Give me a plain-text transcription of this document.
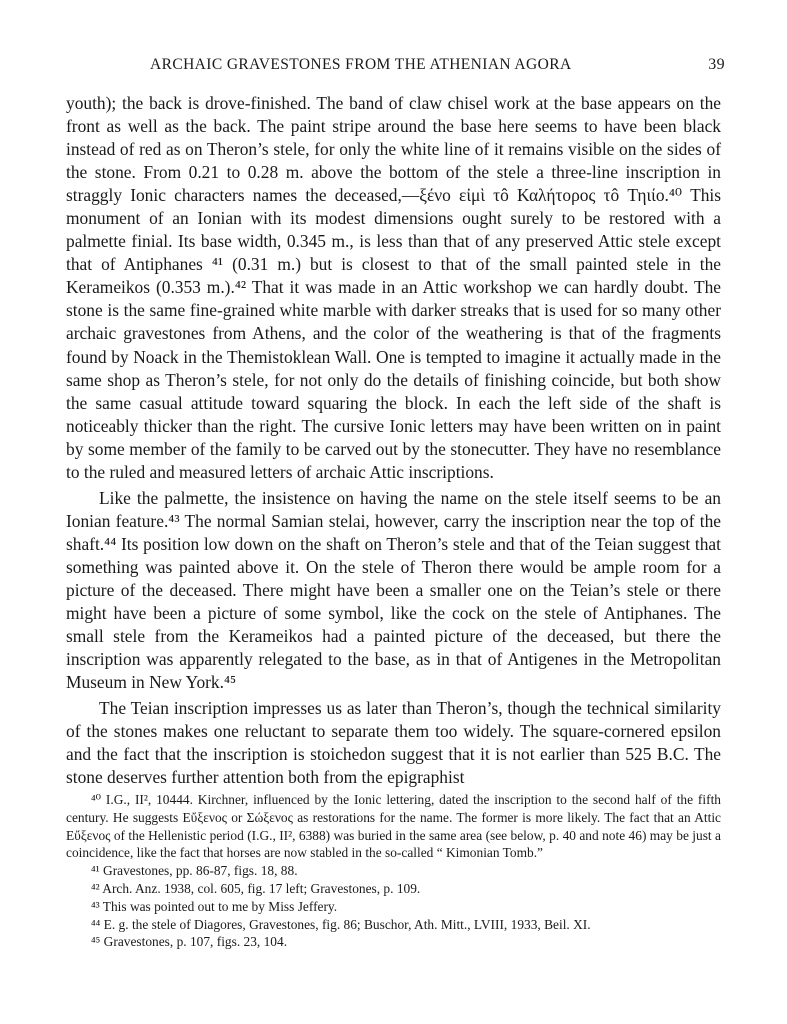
ARCHAIC GRAVESTONES FROM THE ATHENIAN AGORA	39

youth); the back is drove-finished. The band of claw chisel work at the base appears on the front as well as the back. The paint stripe around the base here seems to have been black instead of red as on Theron’s stele, for only the white line of it remains visible on the sides of the stone. From 0.21 to 0.28 m. above the bottom of the stele a three-line inscription in straggly Ionic characters names the deceased,—ξένο εἰμὶ τô Καλήτορος τô Τηιίο.⁴⁰ This monument of an Ionian with its modest dimensions ought surely to be restored with a palmette finial. Its base width, 0.345 m., is less than that of any preserved Attic stele except that of Antiphanes ⁴¹ (0.31 m.) but is closest to that of the small painted stele in the Kerameikos (0.353 m.).⁴² That it was made in an Attic workshop we can hardly doubt. The stone is the same fine-grained white marble with darker streaks that is used for so many other archaic gravestones from Athens, and the color of the weathering is that of the fragments found by Noack in the Themistoklean Wall. One is tempted to imagine it actually made in the same shop as Theron’s stele, for not only do the details of finishing coincide, but both show the same casual attitude toward squaring the block. In each the left side of the shaft is noticeably thicker than the right. The cursive Ionic letters may have been written on in paint by some member of the family to be carved out by the stonecutter. They have no resemblance to the ruled and measured letters of archaic Attic inscriptions.

Like the palmette, the insistence on having the name on the stele itself seems to be an Ionian feature.⁴³ The normal Samian stelai, however, carry the inscription near the top of the shaft.⁴⁴ Its position low down on the shaft on Theron’s stele and that of the Teian suggest that something was painted above it. On the stele of Theron there would be ample room for a picture of the deceased. There might have been a smaller one on the Teian’s stele or there might have been a picture of some symbol, like the cock on the stele of Antiphanes. The small stele from the Kerameikos had a painted picture of the deceased, but there the inscription was apparently relegated to the base, as in that of Antigenes in the Metropolitan Museum in New York.⁴⁵

The Teian inscription impresses us as later than Theron’s, though the technical similarity of the stones makes one reluctant to separate them too widely. The square-cornered epsilon and the fact that the inscription is stoichedon suggest that it is not earlier than 525 B.C. The stone deserves further attention both from the epigraphist

⁴⁰ I.G., II², 10444. Kirchner, influenced by the Ionic lettering, dated the inscription to the second half of the fifth century. He suggests Εὔξενος or Σώξενος as restorations for the name. The former is more likely. The fact that an Attic Εὔξενος of the Hellenistic period (I.G., II², 6388) was buried in the same area (see below, p. 40 and note 46) may be just a coincidence, like the fact that horses are now stabled in the so-called “ Kimonian Tomb.”

⁴¹ Gravestones, pp. 86-87, figs. 18, 88.

⁴² Arch. Anz. 1938, col. 605, fig. 17 left; Gravestones, p. 109.

⁴³ This was pointed out to me by Miss Jeffery.

⁴⁴ E. g. the stele of Diagores, Gravestones, fig. 86; Buschor, Ath. Mitt., LVIII, 1933, Beil. XI.

⁴⁵ Gravestones, p. 107, figs. 23, 104.
